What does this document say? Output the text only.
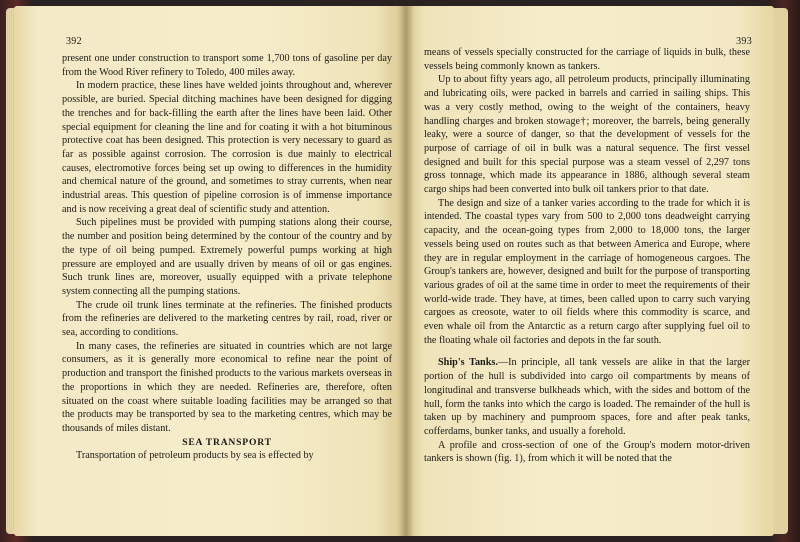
392

present one under construction to transport some 1,700 tons of gasoline per day from the Wood River refinery to Toledo, 400 miles away.

In modern practice, these lines have welded joints throughout and, wherever possible, are buried. Special ditching machines have been designed for digging the trenches and for back-filling the earth after the lines have been laid. Other special equipment for cleaning the line and for coating it with a hot bituminous protective coat has been designed. This protection is very necessary to guard as far as possible against corrosion. The corrosion is due mainly to electrical causes, electromotive forces being set up owing to differences in the humidity and chemical nature of the ground, and sometimes to stray currents, when near industrial areas. This question of pipeline corrosion is of immense importance and is now receiving a great deal of scientific study and attention.

Such pipelines must be provided with pumping stations along their course, the number and position being determined by the contour of the country and by the type of oil being pumped. Extremely powerful pumps working at high pressure are employed and are usually driven by means of oil or gas engines. Such trunk lines are, moreover, usually equipped with a private telephone system connecting all the pumping stations.

The crude oil trunk lines terminate at the refineries. The finished products from the refineries are delivered to the marketing centres by rail, road, river or sea, according to conditions.

In many cases, the refineries are situated in countries which are not large consumers, as it is generally more economical to refine near the point of production and transport the finished products to the various markets overseas in the proportions in which they are needed. Refineries are, therefore, often situated on the coast where suitable loading facilities may be arranged so that the products may be transported by sea to the marketing centres, which may be thousands of miles distant.

SEA TRANSPORT

Transportation of petroleum products by sea is effected by

393

means of vessels specially constructed for the carriage of liquids in bulk, these vessels being commonly known as tankers.

Up to about fifty years ago, all petroleum products, principally illuminating and lubricating oils, were packed in barrels and carried in sailing ships. This was a very costly method, owing to the weight of the containers, heavy handling charges and broken stowage†; moreover, the barrels, being generally leaky, were a source of danger, so that the development of vessels for the purpose of carriage of oil in bulk was a natural sequence. The first vessel designed and built for this special purpose was a steam vessel of 2,297 tons gross tonnage, which made its appearance in 1886, although several steam cargo ships had been converted into bulk oil tankers prior to that date.

The design and size of a tanker varies according to the trade for which it is intended. The coastal types vary from 500 to 2,000 tons deadweight carrying capacity, and the ocean-going types from 2,000 to 18,000 tons, the larger vessels being used on routes such as that between America and Europe, where they are in regular employment in the carriage of homogeneous cargoes. The Group's tankers are, however, designed and built for the purpose of transporting various grades of oil at the same time in order to meet the requirements of their world-wide trade. They have, at times, been called upon to carry such varying cargoes as creosote, water to oil fields where this commodity is scarce, and even whale oil from the Antarctic as a return cargo after supplying fuel oil to the floating whale oil factories and depots in the far south.

Ship's Tanks.—In principle, all tank vessels are alike in that the larger portion of the hull is subdivided into cargo oil compartments by means of longitudinal and transverse bulkheads which, with the sides and bottom of the hull, form the tanks into which the cargo is loaded. The remainder of the hull is taken up by machinery and pumproom spaces, fore and after peak tanks, cofferdams, bunker tanks, and usually a forehold.

A profile and cross-section of one of the Group's modern motor-driven tankers is shown (fig. 1), from which it will be noted that the
